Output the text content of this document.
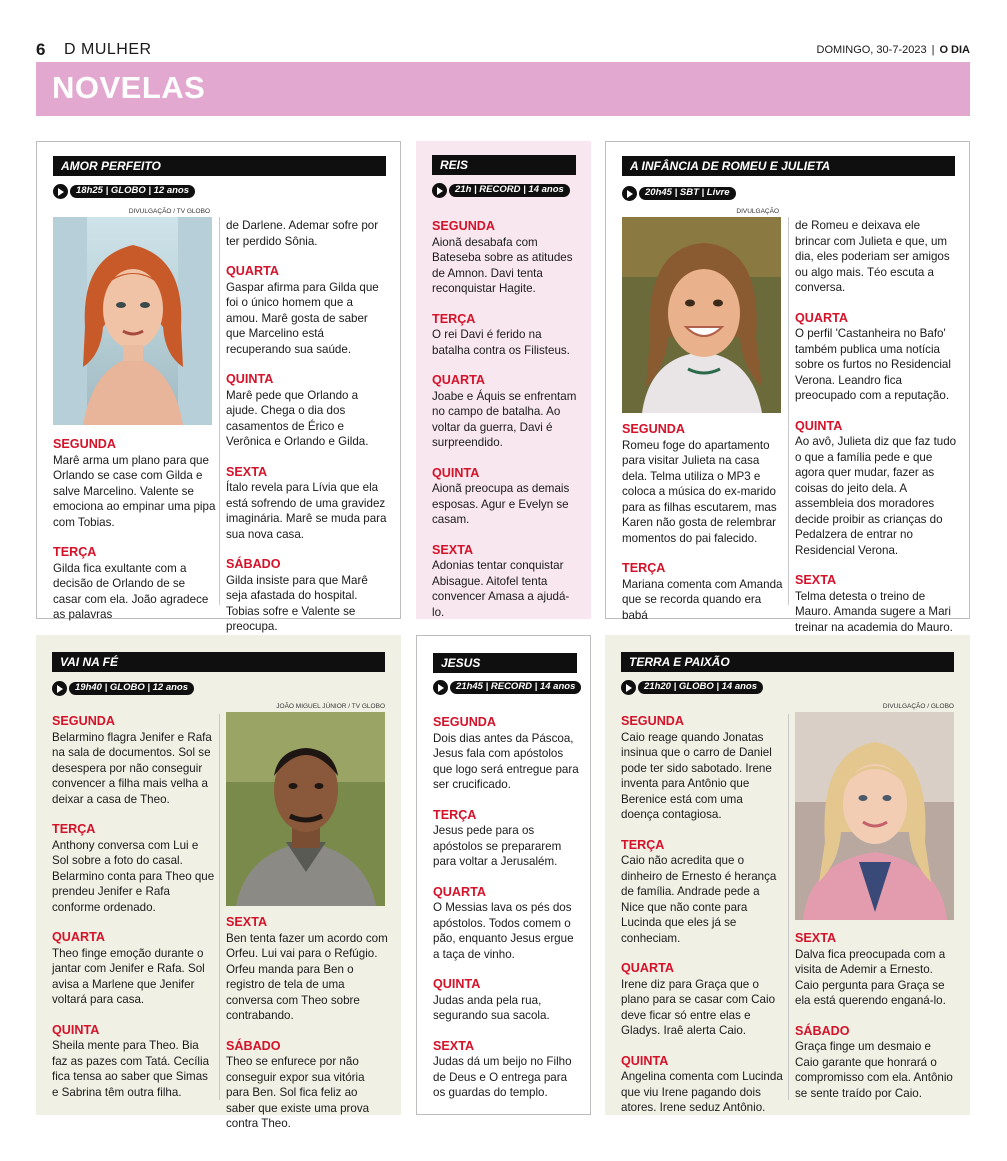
6 D MULHER	DOMINGO, 30-7-2023 | O DIA
NOVELAS
AMOR PERFEITO
18h25 | GLOBO | 12 anos
DIVULGAÇÃO / TV GLOBO

SEGUNDA
Marê arma um plano para que Orlando se case com Gilda e salve Marcelino. Valente se emociona ao empinar uma pipa com Tobias.

TERÇA
Gilda fica exultante com a decisão de Orlando de se casar com ela. João agradece as palavras

de Darlene. Ademar sofre por ter perdido Sônia.

QUARTA
Gaspar afirma para Gilda que foi o único homem que a amou. Marê gosta de saber que Marcelino está recuperando sua saúde.

QUINTA
Marê pede que Orlando a ajude. Chega o dia dos casamentos de Érico e Verônica e Orlando e Gilda.

SEXTA
Ítalo revela para Lívia que ela está sofrendo de uma gravidez imaginária. Marê se muda para sua nova casa.

SÁBADO
Gilda insiste para que Marê seja afastada do hospital. Tobias sofre e Valente se preocupa.

REIS
21h | RECORD | 14 anos

SEGUNDA
Aionã desabafa com Bateseba sobre as atitudes de Amnon. Davi tenta reconquistar Hagite.

TERÇA
O rei Davi é ferido na batalha contra os Filisteus.

QUARTA
Joabe e Áquis se enfrentam no campo de batalha. Ao voltar da guerra, Davi é surpreendido.

QUINTA
Aionã preocupa as demais esposas. Agur e Evelyn se casam.

SEXTA
Adonias tentar conquistar Abisague. Aitofel tenta convencer Amasa a ajudá-lo.

A INFÂNCIA DE ROMEU E JULIETA
20h45 | SBT | Livre
DIVULGAÇÃO

SEGUNDA
Romeu foge do apartamento para visitar Julieta na casa dela. Telma utiliza o MP3 e coloca a música do ex-marido para as filhas escutarem, mas Karen não gosta de relembrar momentos do pai falecido.

TERÇA
Mariana comenta com Amanda que se recorda quando era babá

de Romeu e deixava ele brincar com Julieta e que, um dia, eles poderiam ser amigos ou algo mais. Téo escuta a conversa.

QUARTA
O perfil 'Castanheira no Bafo' também publica uma notícia sobre os furtos no Residencial Verona. Leandro fica preocupado com a reputação.

QUINTA
Ao avô, Julieta diz que faz tudo o que a família pede e que agora quer mudar, fazer as coisas do jeito dela. A assembleia dos moradores decide proibir as crianças do Pedalzera de entrar no Residencial Verona.

SEXTA
Telma detesta o treino de Mauro. Amanda sugere a Mari treinar na academia do Mauro.

VAI NA FÉ
19h40 | GLOBO | 12 anos
JOÃO MIGUEL JÚNIOR / TV GLOBO

SEGUNDA
Belarmino flagra Jenifer e Rafa na sala de documentos. Sol se desespera por não conseguir convencer a filha mais velha a deixar a casa de Theo.

TERÇA
Anthony conversa com Lui e Sol sobre a foto do casal. Belarmino conta para Theo que prendeu Jenifer e Rafa conforme ordenado.

QUARTA
Theo finge emoção durante o jantar com Jenifer e Rafa. Sol avisa a Marlene que Jenifer voltará para casa.

QUINTA
Sheila mente para Theo. Bia faz as pazes com Tatá. Cecília fica tensa ao saber que Simas e Sabrina têm outra filha.

SEXTA
Ben tenta fazer um acordo com Orfeu. Lui vai para o Refúgio. Orfeu manda para Ben o registro de tela de uma conversa com Theo sobre contrabando.

SÁBADO
Theo se enfurece por não conseguir expor sua vitória para Ben. Sol fica feliz ao saber que existe uma prova contra Theo.

JESUS
21h45 | RECORD | 14 anos

SEGUNDA
Dois dias antes da Páscoa, Jesus fala com apóstolos que logo será entregue para ser crucificado.

TERÇA
Jesus pede para os apóstolos se prepararem para voltar a Jerusalém.

QUARTA
O Messias lava os pés dos apóstolos. Todos comem o pão, enquanto Jesus ergue a taça de vinho.

QUINTA
Judas anda pela rua, segurando sua sacola.

SEXTA
Judas dá um beijo no Filho de Deus e O entrega para os guardas do templo.

TERRA E PAIXÃO
21h20 | GLOBO | 14 anos
DIVULGAÇÃO / GLOBO

SEGUNDA
Caio reage quando Jonatas insinua que o carro de Daniel pode ter sido sabotado. Irene inventa para Antônio que Berenice está com uma doença contagiosa.

TERÇA
Caio não acredita que o dinheiro de Ernesto é herança de família. Andrade pede a Nice que não conte para Lucinda que eles já se conheciam.

QUARTA
Irene diz para Graça que o plano para se casar com Caio deve ficar só entre elas e Gladys. Iraê alerta Caio.

QUINTA
Angelina comenta com Lucinda que viu Irene pagando dois atores. Irene seduz Antônio.

SEXTA
Dalva fica preocupada com a visita de Ademir a Ernesto. Caio pergunta para Graça se ela está querendo enganá-lo.

SÁBADO
Graça finge um desmaio e Caio garante que honrará o compromisso com ela. Antônio se sente traído por Caio.
